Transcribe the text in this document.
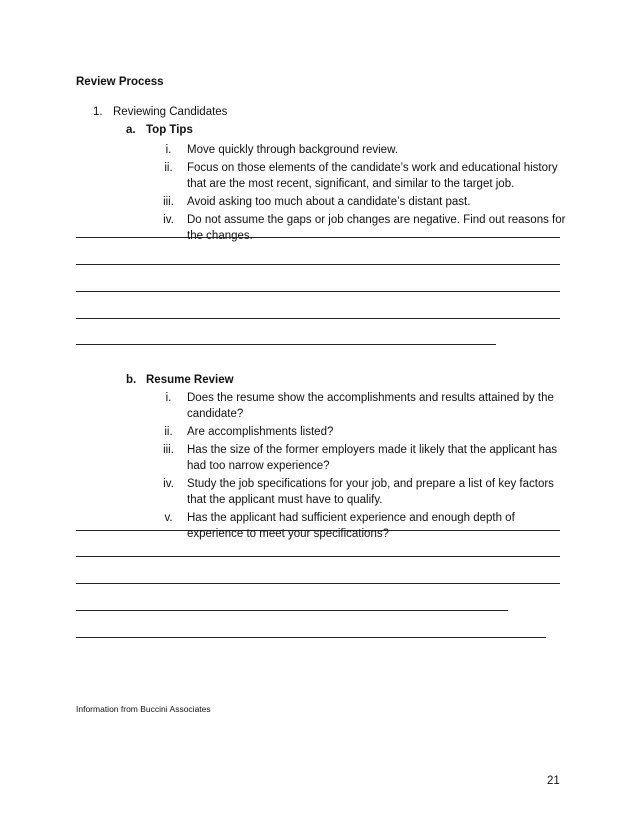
Review Process
1. Reviewing Candidates
a. Top Tips
i.	Move quickly through background review.
ii.	Focus on those elements of the candidate’s work and educational history that are the most recent, significant, and similar to the target job.
iii.	Avoid asking too much about a candidate’s distant past.
iv.	Do not assume the gaps or job changes are negative. Find out reasons for the changes.
b. Resume Review
i.	Does the resume show the accomplishments and results attained by the candidate?
ii.	Are accomplishments listed?
iii.	Has the size of the former employers made it likely that the applicant has had too narrow experience?
iv.	Study the job specifications for your job, and prepare a list of key factors that the applicant must have to qualify.
v.	Has the applicant had sufficient experience and enough depth of experience to meet your specifications?
Information from Buccini Associates
21
